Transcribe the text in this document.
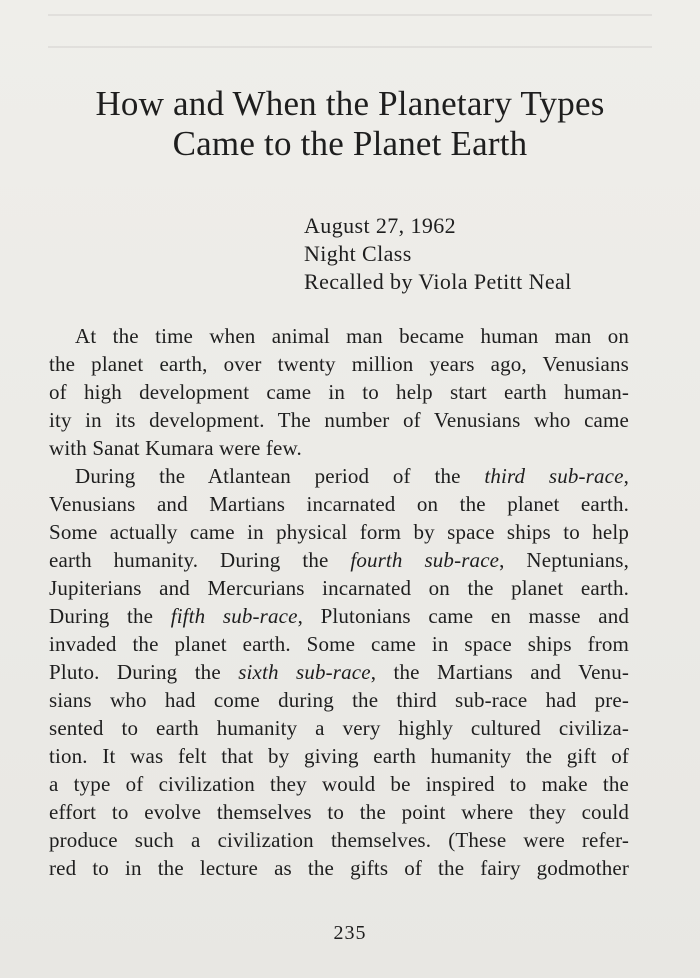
How and When the Planetary Types
Came to the Planet Earth
August 27, 1962
Night Class
Recalled by Viola Petitt Neal
At the time when animal man became human man on
the planet earth, over twenty million years ago, Venusians
of high development came in to help start earth human-
ity in its development. The number of Venusians who came
with Sanat Kumara were few.
During the Atlantean period of the third sub-race,
Venusians and Martians incarnated on the planet earth.
Some actually came in physical form by space ships to help
earth humanity. During the fourth sub-race, Neptunians,
Jupiterians and Mercurians incarnated on the planet earth.
During the fifth sub-race, Plutonians came en masse and
invaded the planet earth. Some came in space ships from
Pluto. During the sixth sub-race, the Martians and Venu-
sians who had come during the third sub-race had pre-
sented to earth humanity a very highly cultured civiliza-
tion. It was felt that by giving earth humanity the gift of
a type of civilization they would be inspired to make the
effort to evolve themselves to the point where they could
produce such a civilization themselves. (These were refer-
red to in the lecture as the gifts of the fairy godmother
235
